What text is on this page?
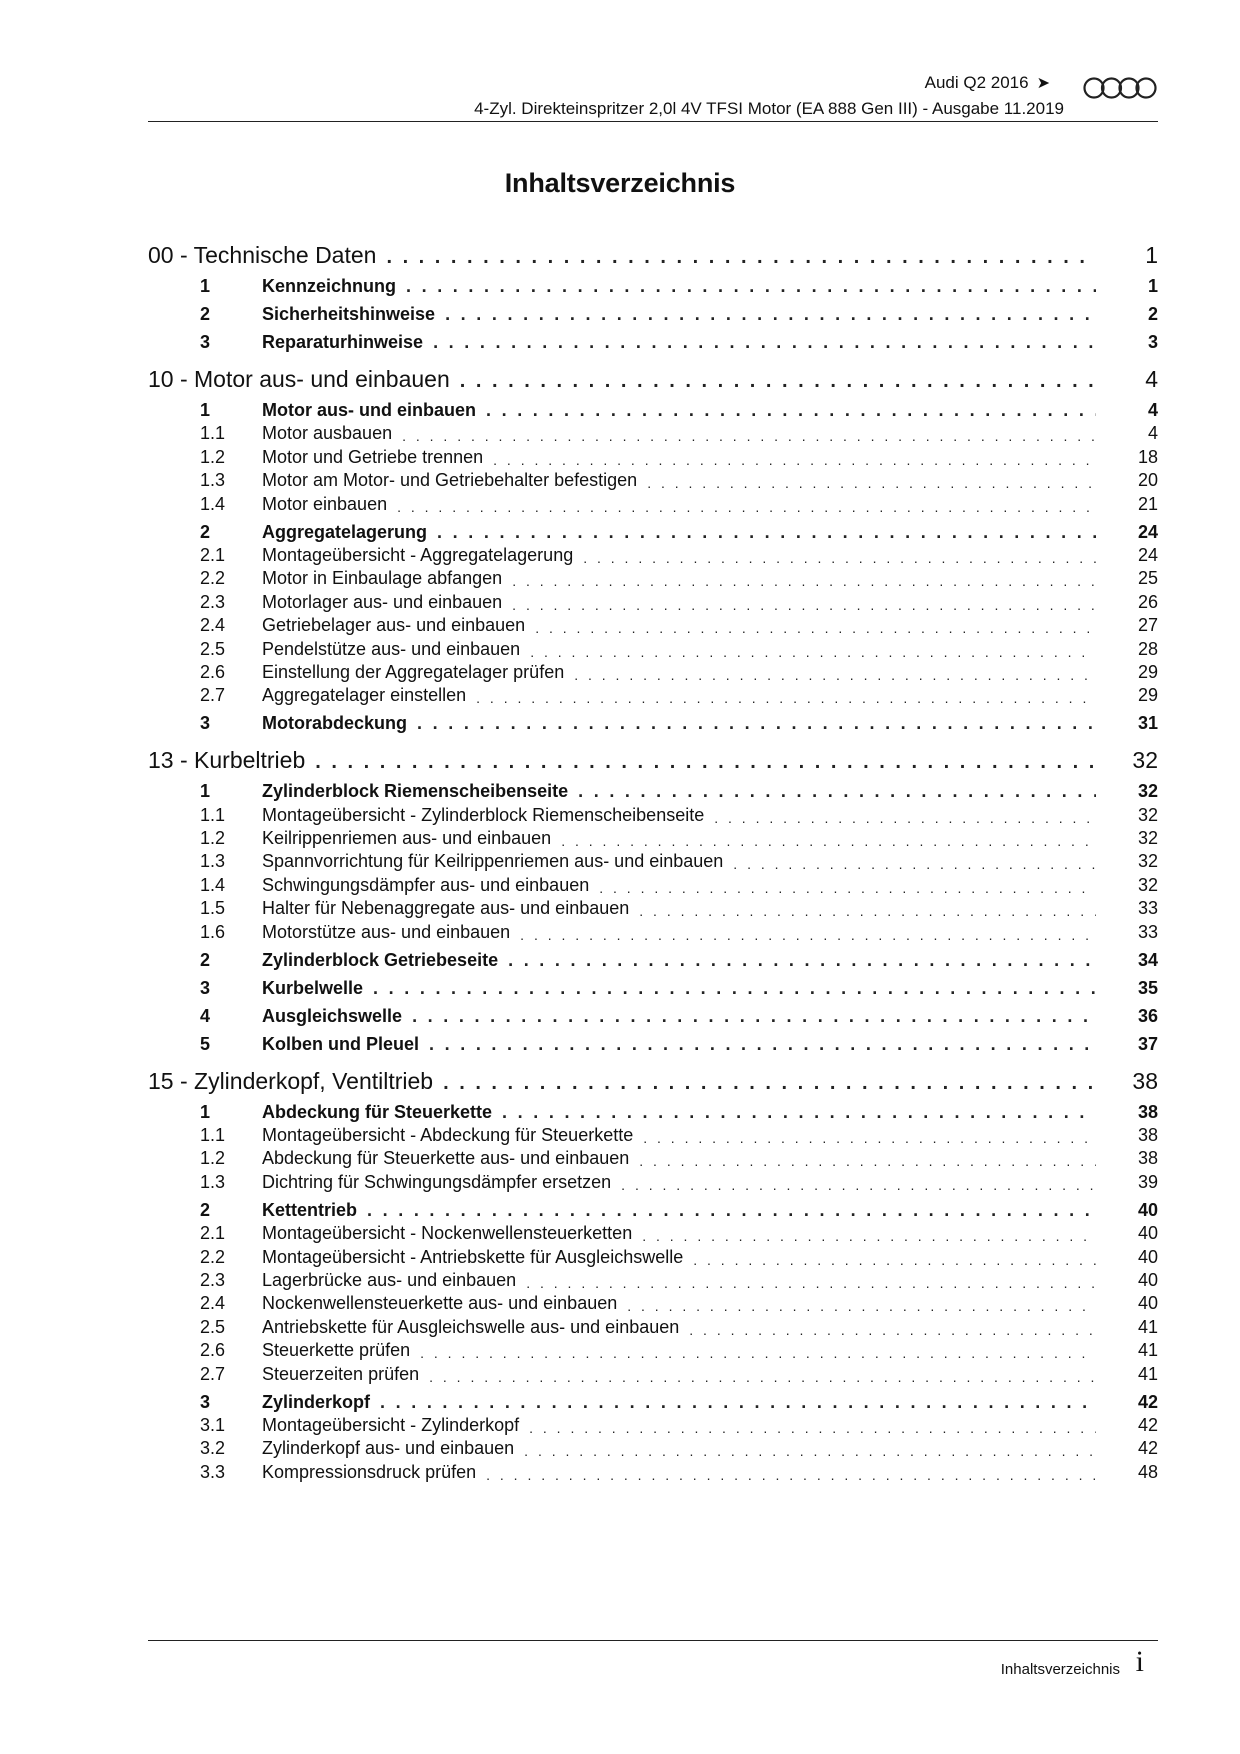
Audi Q2 2016 ➤
4-Zyl. Direkteinspritzer 2,0l 4V TFSI Motor (EA 888 Gen III) - Ausgabe 11.2019
Inhaltsverzeichnis
00 - Technische Daten . . .	1
1	Kennzeichnung . . .	1
2	Sicherheitshinweise . . .	2
3	Reparaturhinweise . . .	3
10 - Motor aus- und einbauen . . .	4
1	Motor aus- und einbauen . . .	4
1.1 Motor ausbauen . . .	4
1.2 Motor und Getriebe trennen . . .	18
1.3 Motor am Motor- und Getriebehalter befestigen . . .	20
1.4 Motor einbauen . . .	21
2	Aggregatelagerung . . .	24
2.1 Montageübersicht - Aggregatelagerung . . .	24
2.2 Motor in Einbaulage abfangen . . .	25
2.3 Motorlager aus- und einbauen . . .	26
2.4 Getriebelager aus- und einbauen . . .	27
2.5 Pendelstütze aus- und einbauen . . .	28
2.6 Einstellung der Aggregatelager prüfen . . .	29
2.7 Aggregatelager einstellen . . .	29
3	Motorabdeckung . . .	31
13 - Kurbeltrieb . . .	32
1	Zylinderblock Riemenscheibenseite . . .	32
1.1 Montageübersicht - Zylinderblock Riemenscheibenseite . . .	32
1.2 Keilrippenriemen aus- und einbauen . . .	32
1.3 Spannvorrichtung für Keilrippenriemen aus- und einbauen . . .	32
1.4 Schwingungsdämpfer aus- und einbauen . . .	32
1.5 Halter für Nebenaggregate aus- und einbauen . . .	33
1.6 Motorstütze aus- und einbauen . . .	33
2	Zylinderblock Getriebeseite . . .	34
3	Kurbelwelle . . .	35
4	Ausgleichswelle . . .	36
5	Kolben und Pleuel . . .	37
15 - Zylinderkopf, Ventiltrieb . . .	38
1	Abdeckung für Steuerkette . . .	38
1.1 Montageübersicht - Abdeckung für Steuerkette . . .	38
1.2 Abdeckung für Steuerkette aus- und einbauen . . .	38
1.3 Dichtring für Schwingungsdämpfer ersetzen . . .	39
2	Kettentrieb . . .	40
2.1 Montageübersicht - Nockenwellensteuerketten . . .	40
2.2 Montageübersicht - Antriebskette für Ausgleichswelle . . .	40
2.3 Lagerbrücke aus- und einbauen . . .	40
2.4 Nockenwellensteuerkette aus- und einbauen . . .	40
2.5 Antriebskette für Ausgleichswelle aus- und einbauen . . .	41
2.6 Steuerkette prüfen . . .	41
2.7 Steuerzeiten prüfen . . .	41
3	Zylinderkopf . . .	42
3.1 Montageübersicht - Zylinderkopf . . .	42
3.2 Zylinderkopf aus- und einbauen . . .	42
3.3 Kompressionsdruck prüfen . . .	48
Inhaltsverzeichnis i
